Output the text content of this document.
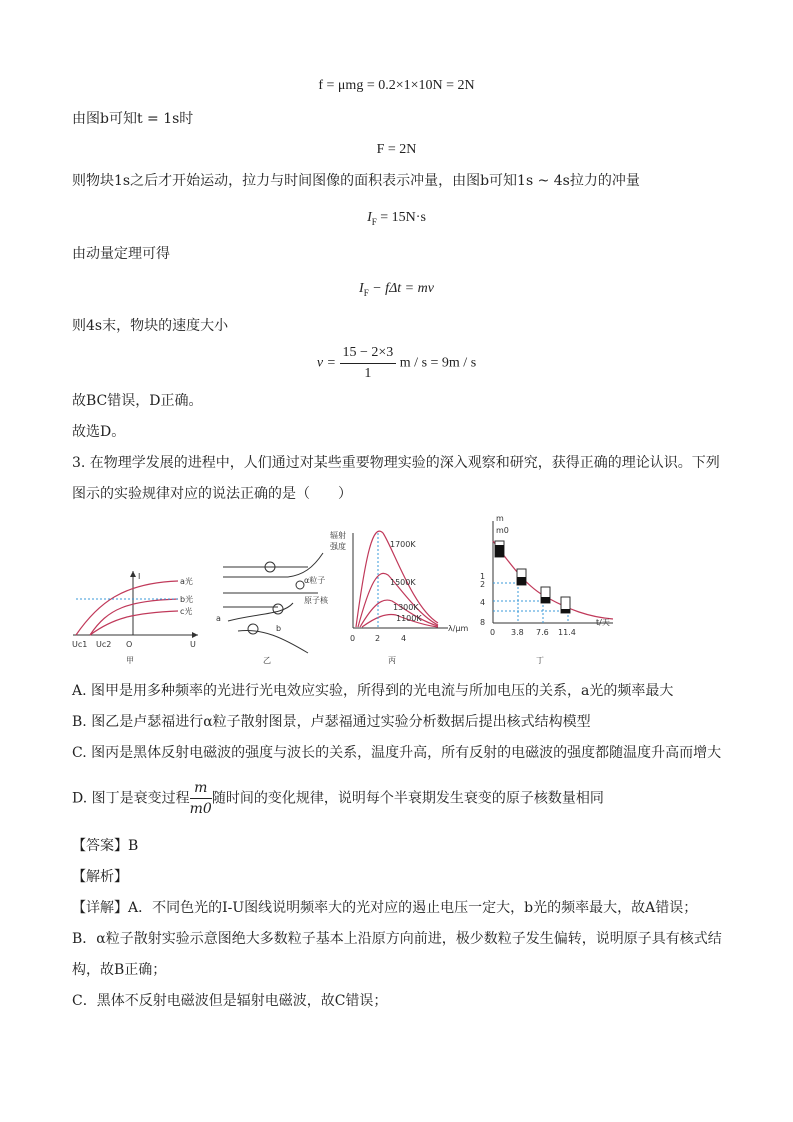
f = μmg = 0.2×1×10N = 2N
由图b可知t = 1s时
F = 2N
则物块1s之后才开始运动，拉力与时间图像的面积表示冲量，由图b可知1s ~ 4s拉力的冲量
$I_F = 15N\cdot s$
由动量定理可得
$I_F - f\Delta t$ = mv
则4s末，物块的速度大小
$v = \frac{15 - 2\times 3}{1}$ m / s = 9m / s
故BC错误，D正确。
故选D。
3. 在物理学发展的进程中，人们通过对某些重要物理实验的深入观察和研究，获得正确的理论认识。下列
图示的实验规律对应的说法正确的是（　　）
I
U
O
Uc1 Uc2
a光
b光
c光
甲
α粒子
原子核
a
b
乙
辐射
强度	1700K
1500K
1300K
1100K
λ/μm
0 2	4
丙
m
m0
1
2
4
8
0 3.8 7.6 11.4
t/天
丁
A. 图甲是用多种频率的光进行光电效应实验，所得到的光电流与所加电压的关系，a光的频率最大
B. 图乙是卢瑟福进行α粒子散射图景，卢瑟福通过实验分析数据后提出核式结构模型
C. 图丙是黑体反射电磁波的强度与波长的关系，温度升高，所有反射的电磁波的强度都随温度升高而增大
D. 图丁是衰变过程 $\frac{m}{m0}$ 随时间的变化规律，说明每个半衰期发生衰变的原子核数量相同
【答案】B
【解析】
【详解】A．不同色光的I-U图线说明频率大的光对应的遏止电压一定大，b光的频率最大，故A错误；
B．α粒子散射实验示意图绝大多数粒子基本上沿原方向前进，极少数粒子发生偏转，说明原子具有核式结
构，故B正确；
C．黑体不反射电磁波但是辐射电磁波，故C错误；
